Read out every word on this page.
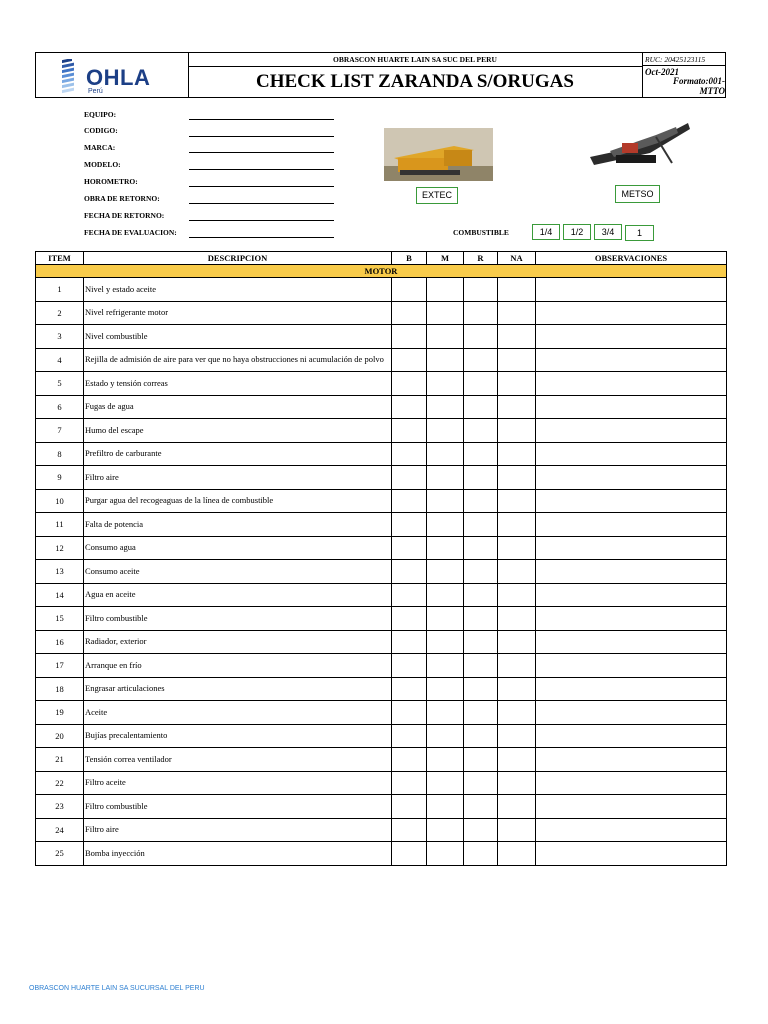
OHLA
Perú
OBRASCON HUARTE LAIN SA SUC DEL PERU
CHECK LIST ZARANDA S/ORUGAS
RUC: 20425123115
Oct-2021
Formato:001-MTTO
EQUIPO:
CODIGO:
MARCA:
MODELO:
HOROMETRO:
OBRA DE RETORNO:
FECHA DE RETORNO:
FECHA DE EVALUACION:
EXTEC	METSO
COMBUSTIBLE	1/4	1/2	3/4	1
ITEM	DESCRIPCION	B	M	R	NA	OBSERVACIONES
MOTOR						
1	Nivel y estado aceite					
2	Nivel refrigerante motor					
3	Nivel combustible					
4	Rejilla de admisión de aire para ver que no haya obstrucciones ni acumulación de polvo					
5	Estado y tensión correas					
6	Fugas de agua					
7	Humo del escape					
8	Prefiltro de carburante					
9	Filtro aire					
10	Purgar agua del recogeaguas de la línea de combustible					
11	Falta de potencia					
12	Consumo agua					
13	Consumo aceite					
14	Agua en aceite					
15	Filtro combustible					
16	Radiador, exterior					
17	Arranque en frío					
18	Engrasar articulaciones					
19	Aceite					
20	Bujías precalentamiento					
21	Tensión correa ventilador					
22	Filtro aceite					
23	Filtro combustible					
24	Filtro aire					
25	Bomba inyección					
OBRASCON HUARTE LAIN SA SUCURSAL DEL PERU
